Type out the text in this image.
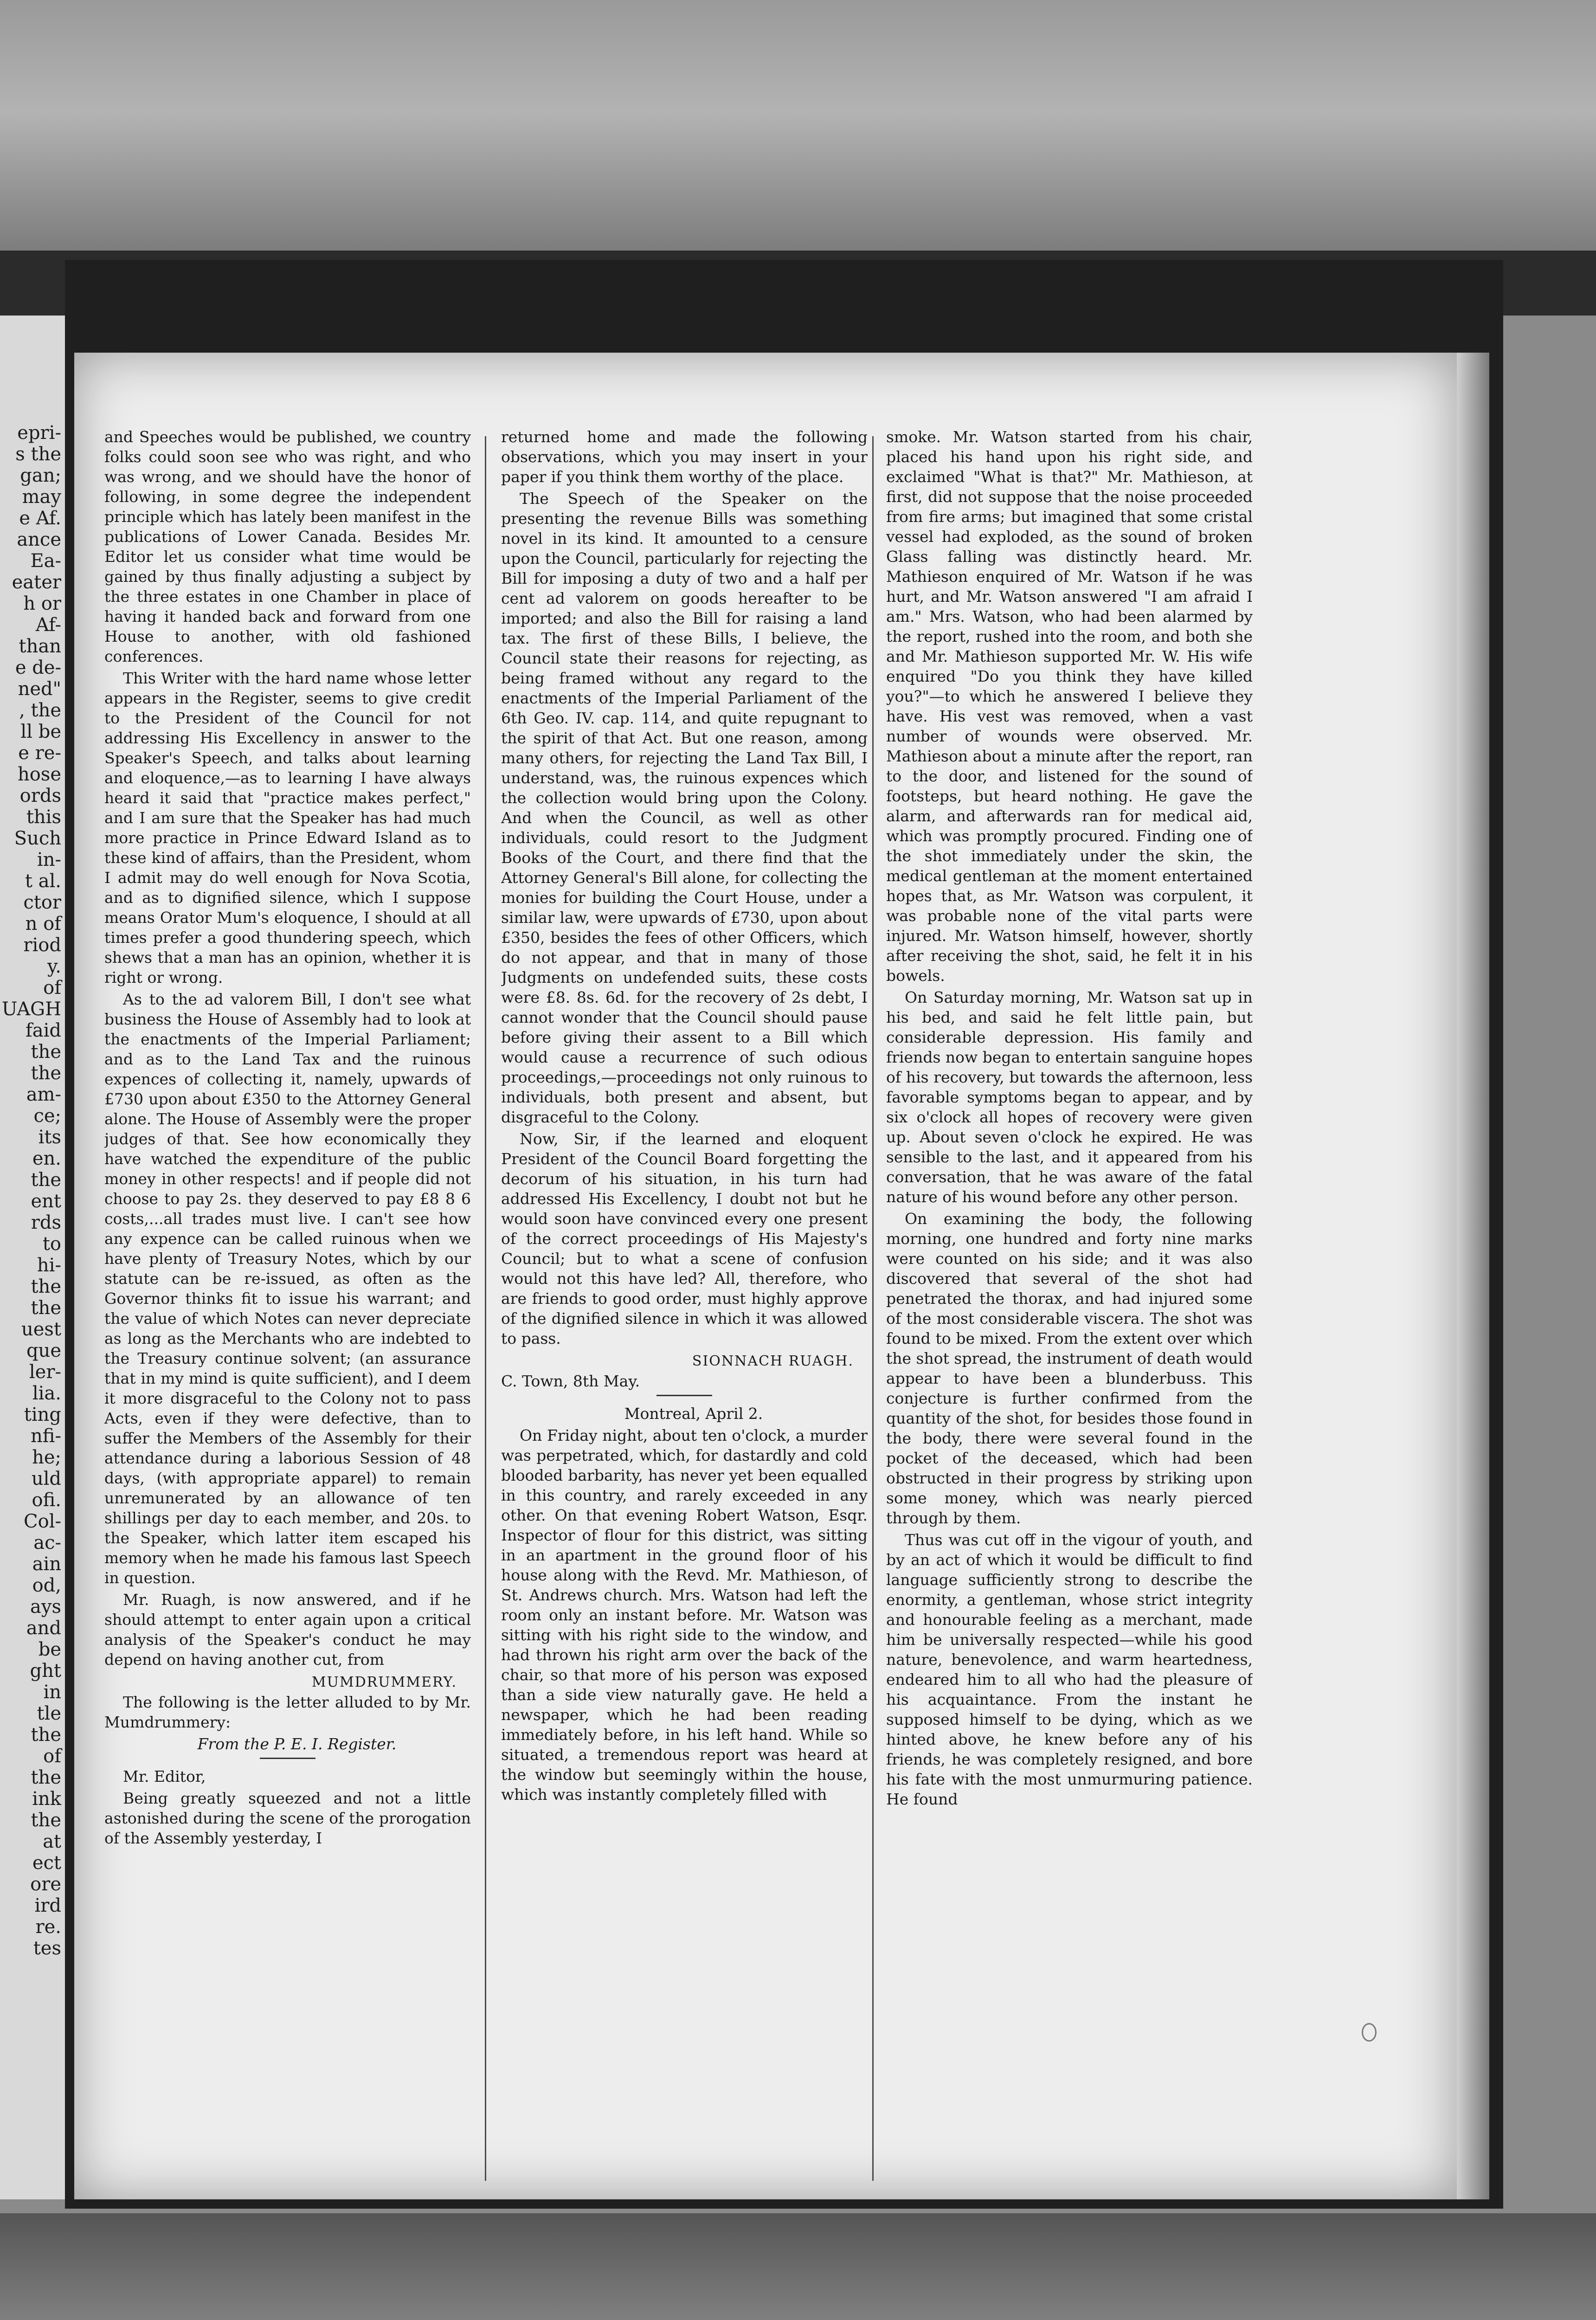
epri-
s the
gan;
may
e Af.
ance
Ea-
eater
h or
Af-
than
e de-
ned"
, the
ll be
e re-
hose
ords
this
Such
in-
t al.
ctor
n of
riod
y.
of
UAGH
faid
the
the
am-
ce;
its
en.
the
ent
rds
to
hi-
the
the
uest
que
ler-
lia.
ting
nfi-
he;
uld
ofi.
Col-
ac-
ain
od,
ays
and
be
ght
in
tle
the
of
the
ink
the
at
ect
ore
ird
re.
tes

and Speeches would be published, we country folks could soon see who was right, and who was wrong, and we should have the honor of following, in some degree the independent principle which has lately been manifest in the publications of Lower Canada. Besides Mr. Editor let us consider what time would be gained by thus finally adjusting a subject by the three estates in one Chamber in place of having it handed back and forward from one House to another, with old fashioned conferences.

This Writer with the hard name whose letter appears in the Register, seems to give credit to the President of the Council for not addressing His Excellency in answer to the Speaker's Speech, and talks about learning and eloquence,—as to learning I have always heard it said that "practice makes perfect," and I am sure that the Speaker has had much more practice in Prince Edward Island as to these kind of affairs, than the President, whom I admit may do well enough for Nova Scotia, and as to dignified silence, which I suppose means Orator Mum's eloquence, I should at all times prefer a good thundering speech, which shews that a man has an opinion, whether it is right or wrong.

As to the ad valorem Bill, I don't see what business the House of Assembly had to look at the enactments of the Imperial Parliament; and as to the Land Tax and the ruinous expences of collecting it, namely, upwards of £730 upon about £350 to the Attorney General alone. The House of Assembly were the proper judges of that. See how economically they have watched the expenditure of the public money in other respects! and if people did not choose to pay 2s. they deserved to pay £8 8 6 costs,...all trades must live. I can't see how any expence can be called ruinous when we have plenty of Treasury Notes, which by our statute can be re-issued, as often as the Governor thinks fit to issue his warrant; and the value of which Notes can never depreciate as long as the Merchants who are indebted to the Treasury continue solvent; (an assurance that in my mind is quite sufficient), and I deem it more disgraceful to the Colony not to pass Acts, even if they were defective, than to suffer the Members of the Assembly for their attendance during a laborious Session of 48 days, (with appropriate apparel) to remain unremunerated by an allowance of ten shillings per day to each member, and 20s. to the Speaker, which latter item escaped his memory when he made his famous last Speech in question.

Mr. Ruagh, is now answered, and if he should attempt to enter again upon a critical analysis of the Speaker's conduct he may depend on having another cut, from

MUMDRUMMERY.

The following is the letter alluded to by Mr. Mumdrummery:

From the P. E. I. Register.

Mr. Editor,

Being greatly squeezed and not a little astonished during the scene of the prorogation of the Assembly yesterday, I

returned home and made the following observations, which you may insert in your paper if you think them worthy of the place.

The Speech of the Speaker on the presenting the revenue Bills was something novel in its kind. It amounted to a censure upon the Council, particularly for rejecting the Bill for imposing a duty of two and a half per cent ad valorem on goods hereafter to be imported; and also the Bill for raising a land tax. The first of these Bills, I believe, the Council state their reasons for rejecting, as being framed without any regard to the enactments of the Imperial Parliament of the 6th Geo. IV. cap. 114, and quite repugnant to the spirit of that Act. But one reason, among many others, for rejecting the Land Tax Bill, I understand, was, the ruinous expences which the collection would bring upon the Colony. And when the Council, as well as other individuals, could resort to the Judgment Books of the Court, and there find that the Attorney General's Bill alone, for collecting the monies for building the Court House, under a similar law, were upwards of £730, upon about £350, besides the fees of other Officers, which do not appear, and that in many of those Judgments on undefended suits, these costs were £8. 8s. 6d. for the recovery of 2s debt, I cannot wonder that the Council should pause before giving their assent to a Bill which would cause a recurrence of such odious proceedings,—proceedings not only ruinous to individuals, both present and absent, but disgraceful to the Colony.

Now, Sir, if the learned and eloquent President of the Council Board forgetting the decorum of his situation, in his turn had addressed His Excellency, I doubt not but he would soon have convinced every one present of the correct proceedings of His Majesty's Council; but to what a scene of confusion would not this have led? All, therefore, who are friends to good order, must highly approve of the dignified silence in which it was allowed to pass.

SIONNACH RUAGH.

C. Town, 8th May.

Montreal, April 2.

On Friday night, about ten o'clock, a murder was perpetrated, which, for dastardly and cold blooded barbarity, has never yet been equalled in this country, and rarely exceeded in any other. On that evening Robert Watson, Esqr. Inspector of flour for this district, was sitting in an apartment in the ground floor of his house along with the Revd. Mr. Mathieson, of St. Andrews church. Mrs. Watson had left the room only an instant before. Mr. Watson was sitting with his right side to the window, and had thrown his right arm over the back of the chair, so that more of his person was exposed than a side view naturally gave. He held a newspaper, which he had been reading immediately before, in his left hand. While so situated, a tremendous report was heard at the window but seemingly within the house, which was instantly completely filled with

smoke. Mr. Watson started from his chair, placed his hand upon his right side, and exclaimed "What is that?" Mr. Mathieson, at first, did not suppose that the noise proceeded from fire arms; but imagined that some cristal vessel had exploded, as the sound of broken Glass falling was distinctly heard. Mr. Mathieson enquired of Mr. Watson if he was hurt, and Mr. Watson answered "I am afraid I am." Mrs. Watson, who had been alarmed by the report, rushed into the room, and both she and Mr. Mathieson supported Mr. W. His wife enquired "Do you think they have killed you?"—to which he answered I believe they have. His vest was removed, when a vast number of wounds were observed. Mr. Mathieson about a minute after the report, ran to the door, and listened for the sound of footsteps, but heard nothing. He gave the alarm, and afterwards ran for medical aid, which was promptly procured. Finding one of the shot immediately under the skin, the medical gentleman at the moment entertained hopes that, as Mr. Watson was corpulent, it was probable none of the vital parts were injured. Mr. Watson himself, however, shortly after receiving the shot, said, he felt it in his bowels.

On Saturday morning, Mr. Watson sat up in his bed, and said he felt little pain, but considerable depression. His family and friends now began to entertain sanguine hopes of his recovery, but towards the afternoon, less favorable symptoms began to appear, and by six o'clock all hopes of recovery were given up. About seven o'clock he expired. He was sensible to the last, and it appeared from his conversation, that he was aware of the fatal nature of his wound before any other person.

On examining the body, the following morning, one hundred and forty nine marks were counted on his side; and it was also discovered that several of the shot had penetrated the thorax, and had injured some of the most considerable viscera. The shot was found to be mixed. From the extent over which the shot spread, the instrument of death would appear to have been a blunderbuss. This conjecture is further confirmed from the quantity of the shot, for besides those found in the body, there were several found in the pocket of the deceased, which had been obstructed in their progress by striking upon some money, which was nearly pierced through by them.

Thus was cut off in the vigour of youth, and by an act of which it would be difficult to find language sufficiently strong to describe the enormity, a gentleman, whose strict integrity and honourable feeling as a merchant, made him be universally respected—while his good nature, benevolence, and warm heartedness, endeared him to all who had the pleasure of his acquaintance. From the instant he supposed himself to be dying, which as we hinted above, he knew before any of his friends, he was completely resigned, and bore his fate with the most unmurmuring patience. He found
